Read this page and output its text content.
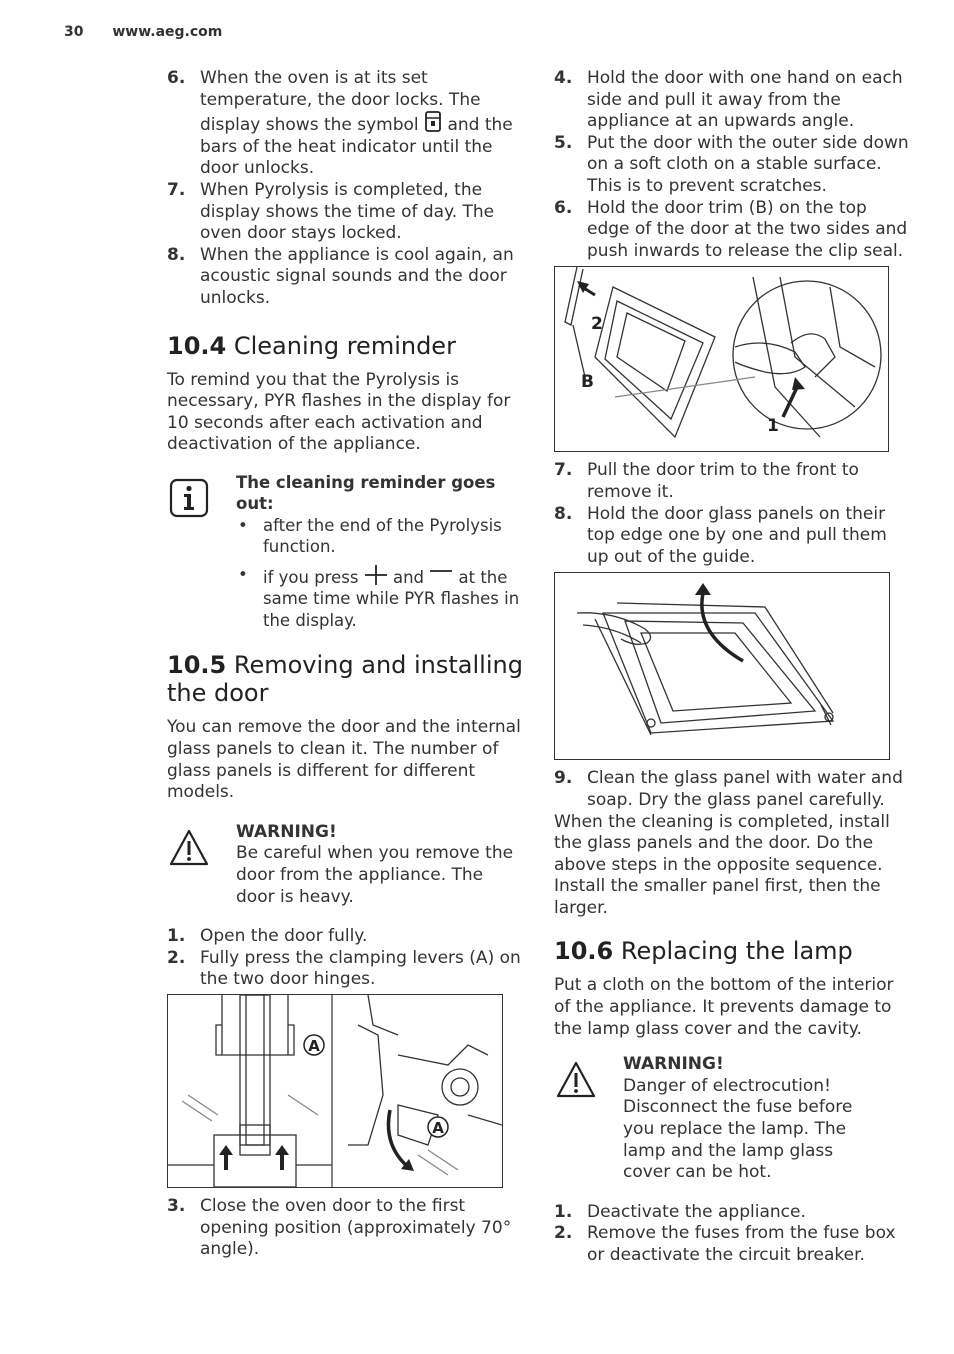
30 www.aeg.com
6. When the oven is at its set temperature, the door locks. The display shows the symbol and the bars of the heat indicator until the door unlocks.
7. When Pyrolysis is completed, the display shows the time of day. The oven door stays locked.
8. When the appliance is cool again, an acoustic signal sounds and the door unlocks.
10.4 Cleaning reminder

To remind you that the Pyrolysis is necessary, PYR flashes in the display for 10 seconds after each activation and deactivation of the appliance.

The cleaning reminder goes out:
• after the end of the Pyrolysis function.
• if you press and at the same time while PYR flashes in the display.
10.5 Removing and installing the door

You can remove the door and the internal glass panels to clean it. The number of glass panels is different for different models.

WARNING!
Be careful when you remove the door from the appliance. The door is heavy.
1. Open the door fully.
2. Fully press the clamping levers (A) on the two door hinges.
A
A
3. Close the oven door to the first opening position (approximately 70° angle).
4. Hold the door with one hand on each side and pull it away from the appliance at an upwards angle.
5. Put the door with the outer side down on a soft cloth on a stable surface. This is to prevent scratches.
6. Hold the door trim (B) on the top edge of the door at the two sides and push inwards to release the clip seal.
2
B
1
7. Pull the door trim to the front to remove it.
8. Hold the door glass panels on their top edge one by one and pull them up out of the guide.
9. Clean the glass panel with water and soap. Dry the glass panel carefully.

When the cleaning is completed, install the glass panels and the door. Do the above steps in the opposite sequence. Install the smaller panel first, then the larger.

10.6 Replacing the lamp

Put a cloth on the bottom of the interior of the appliance. It prevents damage to the lamp glass cover and the cavity.

WARNING!
Danger of electrocution! Disconnect the fuse before you replace the lamp. The lamp and the lamp glass cover can be hot.
1. Deactivate the appliance.
2. Remove the fuses from the fuse box or deactivate the circuit breaker.
